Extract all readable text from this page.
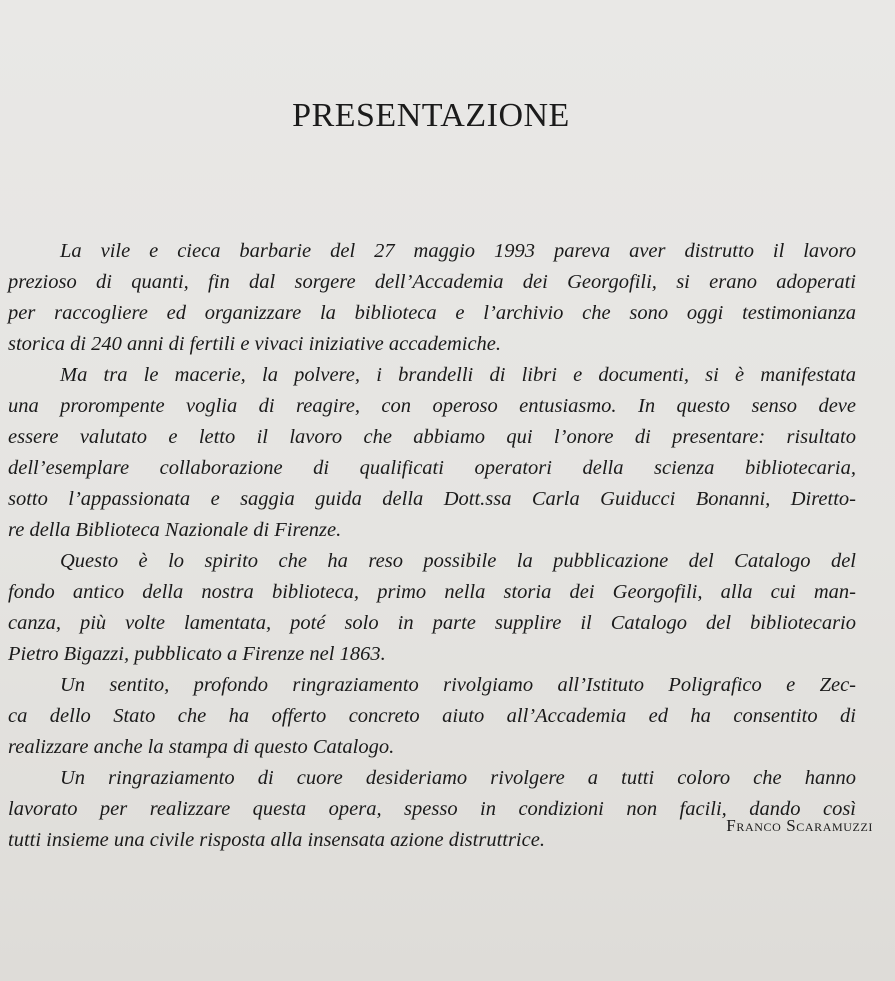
PRESENTAZIONE
La vile e cieca barbarie del 27 maggio 1993 pareva aver distrutto il lavoro
prezioso di quanti, fin dal sorgere dell’Accademia dei Georgofili, si erano adoperati
per raccogliere ed organizzare la biblioteca e l’archivio che sono oggi testimonianza
storica di 240 anni di fertili e vivaci iniziative accademiche.
Ma tra le macerie, la polvere, i brandelli di libri e documenti, si è manifestata
una prorompente voglia di reagire, con operoso entusiasmo. In questo senso deve
essere valutato e letto il lavoro che abbiamo qui l’onore di presentare: risultato
dell’esemplare collaborazione di qualificati operatori della scienza bibliotecaria,
sotto l’appassionata e saggia guida della Dott.ssa Carla Guiducci Bonanni, Diretto-
re della Biblioteca Nazionale di Firenze.
Questo è lo spirito che ha reso possibile la pubblicazione del Catalogo del
fondo antico della nostra biblioteca, primo nella storia dei Georgofili, alla cui man-
canza, più volte lamentata, poté solo in parte supplire il Catalogo del bibliotecario
Pietro Bigazzi, pubblicato a Firenze nel 1863.
Un sentito, profondo ringraziamento rivolgiamo all’Istituto Poligrafico e Zec-
ca dello Stato che ha offerto concreto aiuto all’Accademia ed ha consentito di
realizzare anche la stampa di questo Catalogo.
Un ringraziamento di cuore desideriamo rivolgere a tutti coloro che hanno
lavorato per realizzare questa opera, spesso in condizioni non facili, dando così
tutti insieme una civile risposta alla insensata azione distruttrice.
Franco Scaramuzzi
